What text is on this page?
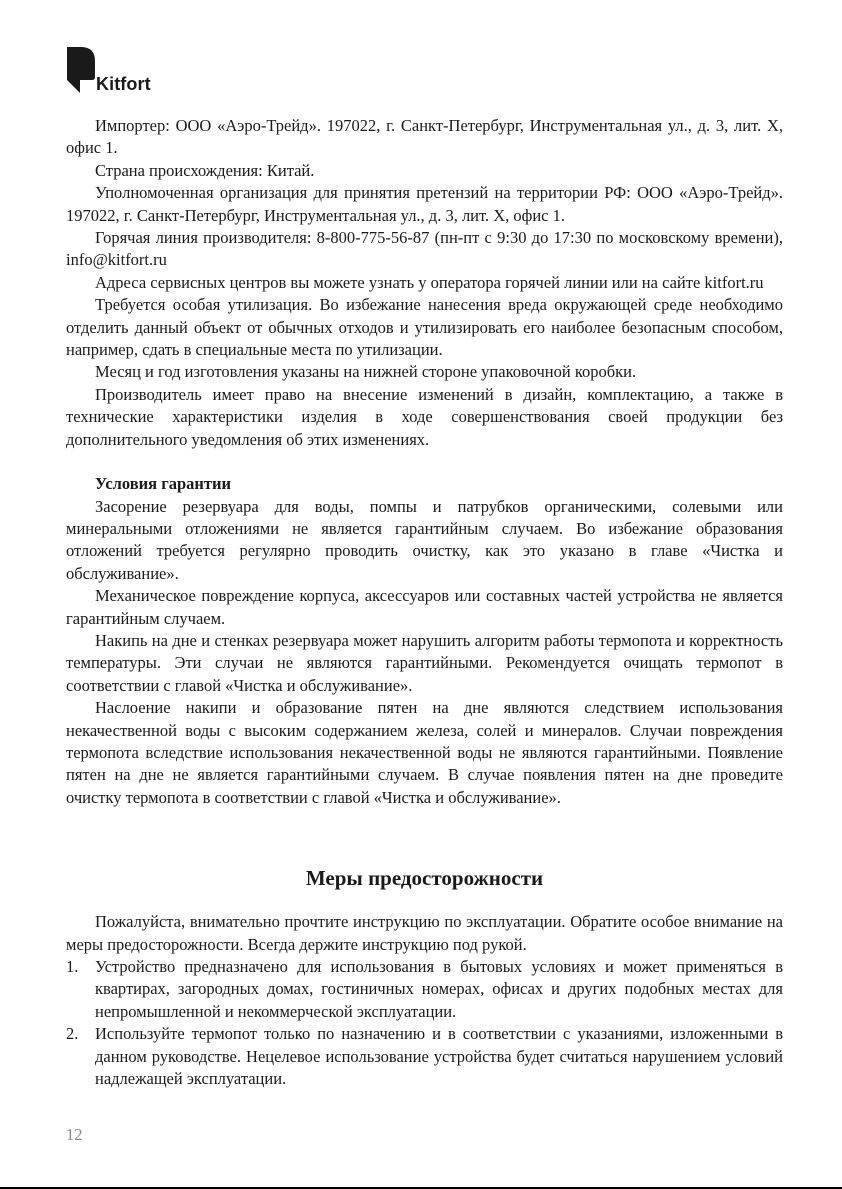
Kitfort

Импортер: ООО «Аэро-Трейд». 197022, г. Санкт-Петербург, Инструментальная ул., д. 3, лит. Х, офис 1.

Страна происхождения: Китай.

Уполномоченная организация для принятия претензий на территории РФ: ООО «Аэро-Трейд». 197022, г. Санкт-Петербург, Инструментальная ул., д. 3, лит. Х, офис 1.

Горячая линия производителя: 8-800-775-56-87 (пн-пт с 9:30 до 17:30 по московскому времени), info@kitfort.ru

Адреса сервисных центров вы можете узнать у оператора горячей линии или на сайте kitfort.ru

Требуется особая утилизация. Во избежание нанесения вреда окружающей среде необходимо отделить данный объект от обычных отходов и утилизировать его наиболее безопасным способом, например, сдать в специальные места по утилизации.

Месяц и год изготовления указаны на нижней стороне упаковочной коробки.

Производитель имеет право на внесение изменений в дизайн, комплектацию, а также в технические характеристики изделия в ходе совершенствования своей продукции без дополнительного уведомления об этих изменениях.

Условия гарантии

Засорение резервуара для воды, помпы и патрубков органическими, солевыми или минеральными отложениями не является гарантийным случаем. Во избежание образования отложений требуется регулярно проводить очистку, как это указано в главе «Чистка и обслуживание».

Механическое повреждение корпуса, аксессуаров или составных частей устройства не является гарантийным случаем.

Накипь на дне и стенках резервуара может нарушить алгоритм работы термопота и корректность температуры. Эти случаи не являются гарантийными. Рекомендуется очищать термопот в соответствии с главой «Чистка и обслуживание».

Наслоение накипи и образование пятен на дне являются следствием использования некачественной воды с высоким содержанием железа, солей и минералов. Случаи повреждения термопота вследствие использования некачественной воды не являются гарантийными. Появление пятен на дне не является гарантийными случаем. В случае появления пятен на дне проведите очистку термопота в соответствии с главой «Чистка и обслуживание».

Меры предосторожности

Пожалуйста, внимательно прочтите инструкцию по эксплуатации. Обратите особое внимание на меры предосторожности. Всегда держите инструкцию под рукой.

1. Устройство предназначено для использования в бытовых условиях и может применяться в квартирах, загородных домах, гостиничных номерах, офисах и других подобных местах для непромышленной и некоммерческой эксплуатации.
2. Используйте термопот только по назначению и в соответствии с указаниями, изложенными в данном руководстве. Нецелевое использование устройства будет считаться нарушением условий надлежащей эксплуатации.
12
